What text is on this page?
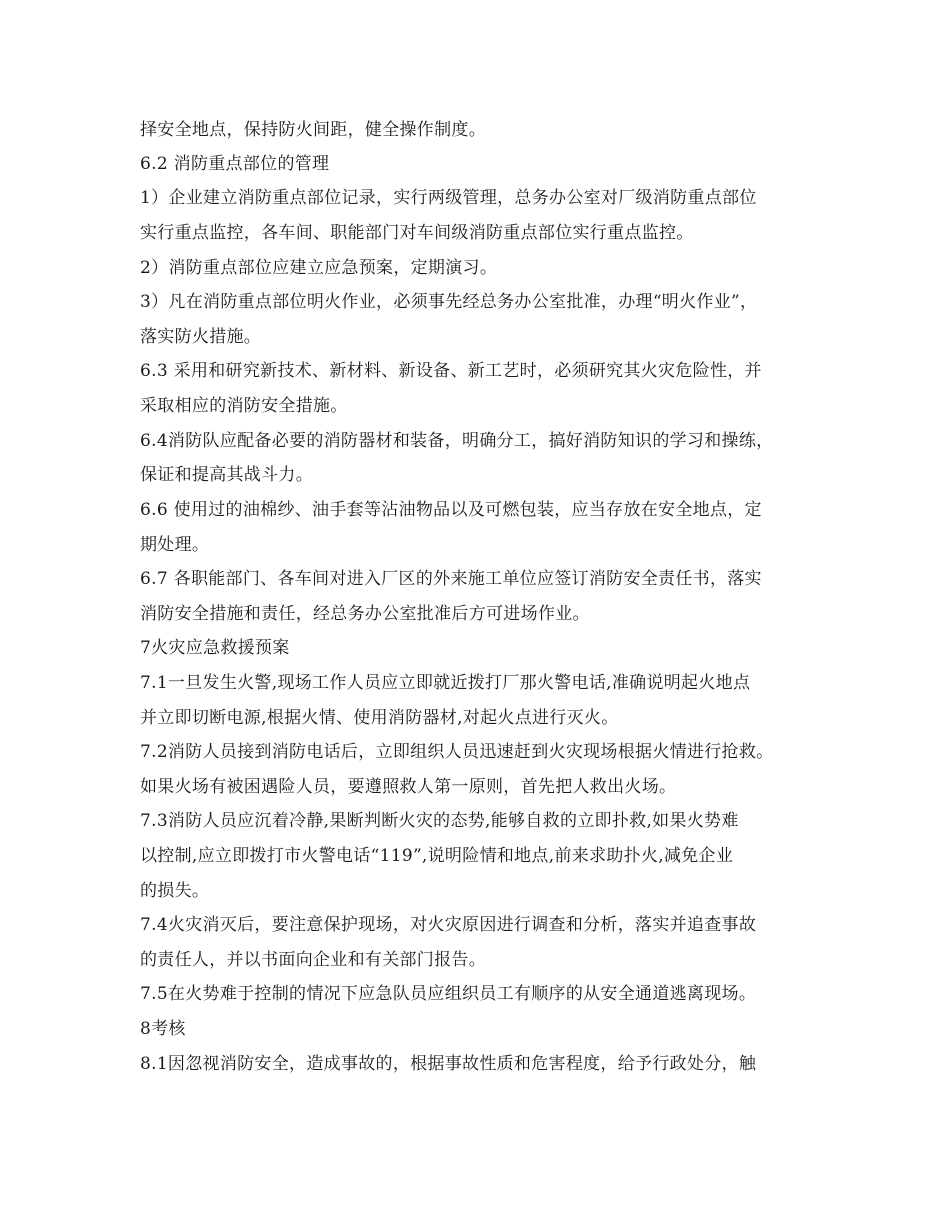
择安全地点，保持防火间距，健全操作制度。
6.2 消防重点部位的管理
1）企业建立消防重点部位记录，实行两级管理，总务办公室对厂级消防重点部位
实行重点监控，各车间、职能部门对车间级消防重点部位实行重点监控。
2）消防重点部位应建立应急预案，定期演习。
3）凡在消防重点部位明火作业，必须事先经总务办公室批准，办理“明火作业”，
落实防火措施。
6.3 采用和研究新技术、新材料、新设备、新工艺时，必须研究其火灾危险性，并
采取相应的消防安全措施。
6.4消防队应配备必要的消防器材和装备，明确分工，搞好消防知识的学习和操练，
保证和提高其战斗力。
6.6 使用过的油棉纱、油手套等沾油物品以及可燃包装，应当存放在安全地点，定
期处理。
6.7 各职能部门、各车间对进入厂区的外来施工单位应签订消防安全责任书，落实
消防安全措施和责任，经总务办公室批准后方可进场作业。
7火灾应急救援预案
7.1一旦发生火警,现场工作人员应立即就近拨打厂那火警电话,准确说明起火地点
并立即切断电源,根据火情、使用消防器材,对起火点进行灭火。
7.2消防人员接到消防电话后，立即组织人员迅速赶到火灾现场根据火情进行抢救。
如果火场有被困遇险人员，要遵照救人第一原则，首先把人救出火场。
7.3消防人员应沉着冷静,果断判断火灾的态势,能够自救的立即扑救,如果火势难
以控制,应立即拨打市火警电话“119”,说明险情和地点,前来求助扑火,减免企业
的损失。
7.4火灾消灭后，要注意保护现场，对火灾原因进行调查和分析，落实并追查事故
的责任人，并以书面向企业和有关部门报告。
7.5在火势难于控制的情况下应急队员应组织员工有顺序的从安全通道逃离现场。
8考核
8.1因忽视消防安全，造成事故的，根据事故性质和危害程度，给予行政处分，触
